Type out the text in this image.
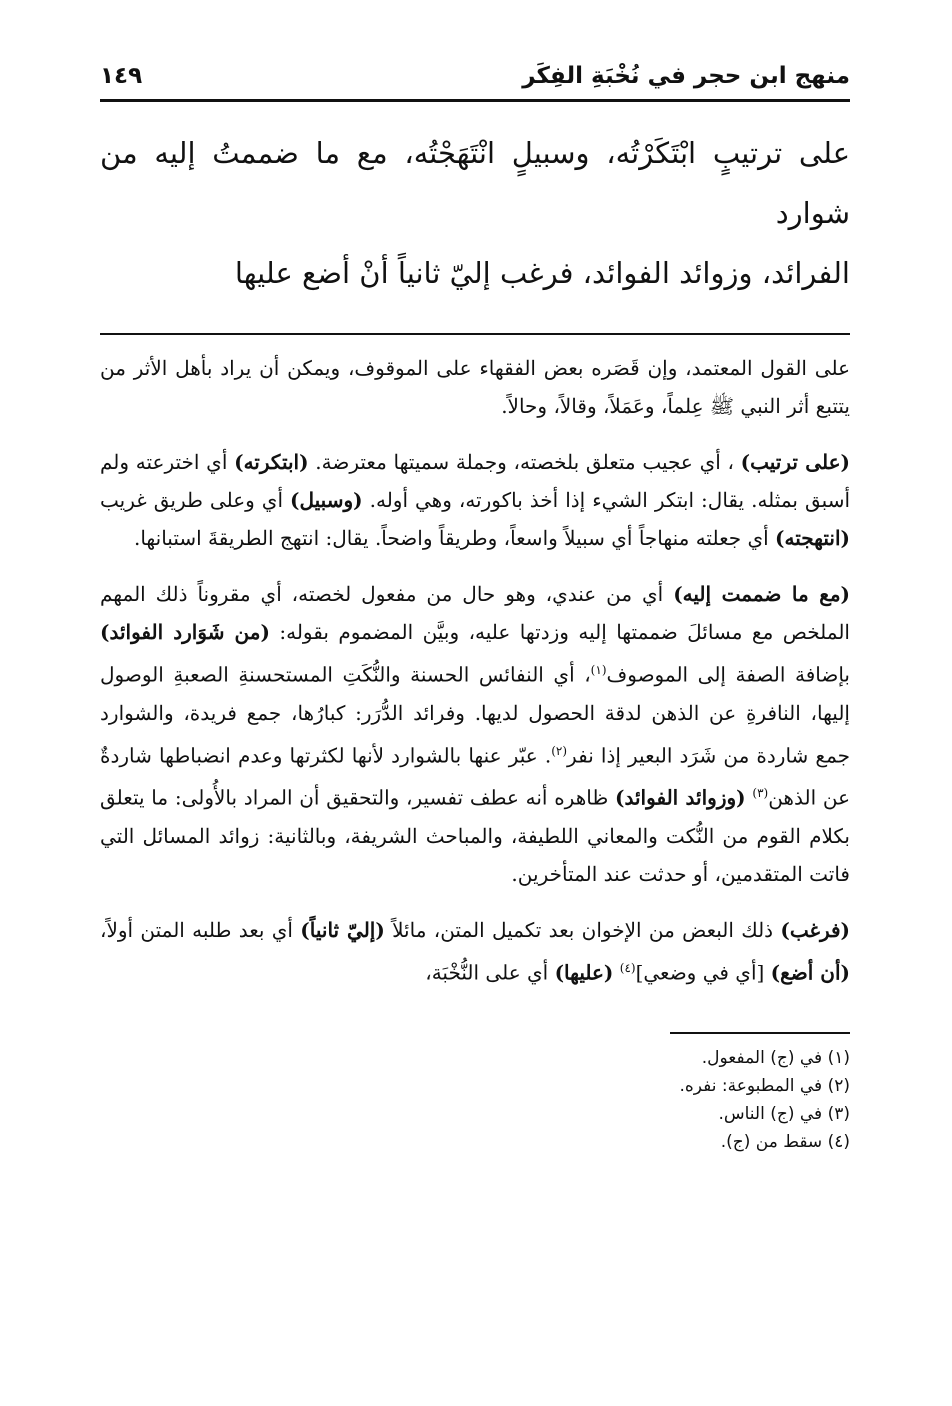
منهج ابن حجر في نُخْبَةِ الفِكَر
١٤٩

على ترتيبٍ ابْتَكَرْتُه، وسبيلٍ انْتَهَجْتُه، مع ما ضممتُ إليه من شوارد

الفرائد، وزوائد الفوائد، فرغب إليّ ثانياً أنْ أضع عليها

على القول المعتمد، وإن قَصَره بعض الفقهاء على الموقوف، ويمكن أن يراد بأهل الأثر من يتتبع أثر النبي ﷺ عِلماً، وعَمَلاً، وقالاً، وحالاً.

(على ترتيب) ، أي عجيب متعلق بلخصته، وجملة سميتها معترضة. (ابتكرته) أي اخترعته ولم أسبق بمثله. يقال: ابتكر الشيء إذا أخذ باكورته، وهي أوله. (وسبيل) أي وعلى طريق غريب (انتهجته) أي جعلته منهاجاً أي سبيلاً واسعاً، وطريقاً واضحاً. يقال: انتهج الطريقةَ استبانها.

(مع ما ضممت إليه) أي من عندي، وهو حال من مفعول لخصته، أي مقروناً ذلك المهم الملخص مع مسائلَ ضممتها إليه وزدتها عليه، وبيَّن المضموم بقوله: (من شَوَارد الفوائد) بإضافة الصفة إلى الموصوف$^{(١)}$، أي النفائس الحسنة والنُّكَتِ المستحسنةِ الصعبةِ الوصول إليها، النافرةِ عن الذهن لدقة الحصول لديها. وفرائد الدُّرَر: كبارُها، جمع فريدة، والشوارد جمع شاردة من شَرَد البعير إذا نفر$^{(٢)}$. عبّر عنها بالشوارد لأنها لكثرتها وعدم انضباطها شاردةٌ عن الذهن$^{(٣)}$ (وزوائد الفوائد) ظاهره أنه عطف تفسير، والتحقيق أن المراد بالأُولى: ما يتعلق بكلام القوم من النُّكت والمعاني اللطيفة، والمباحث الشريفة، وبالثانية: زوائد المسائل التي فاتت المتقدمين، أو حدثت عند المتأخرين.

(فرغب) ذلك البعض من الإخوان بعد تكميل المتن، مائلاً (إليّ ثانياً) أي بعد طلبه المتن أولاً، (أن أضع) [أي في وضعي]$^{(٤)}$ (عليها) أي على النُّخْبَة،

(١) في (ج) المفعول.
(٢) في المطبوعة: نفره.
(٣) في (ج) الناس.
(٤) سقط من (ج).
